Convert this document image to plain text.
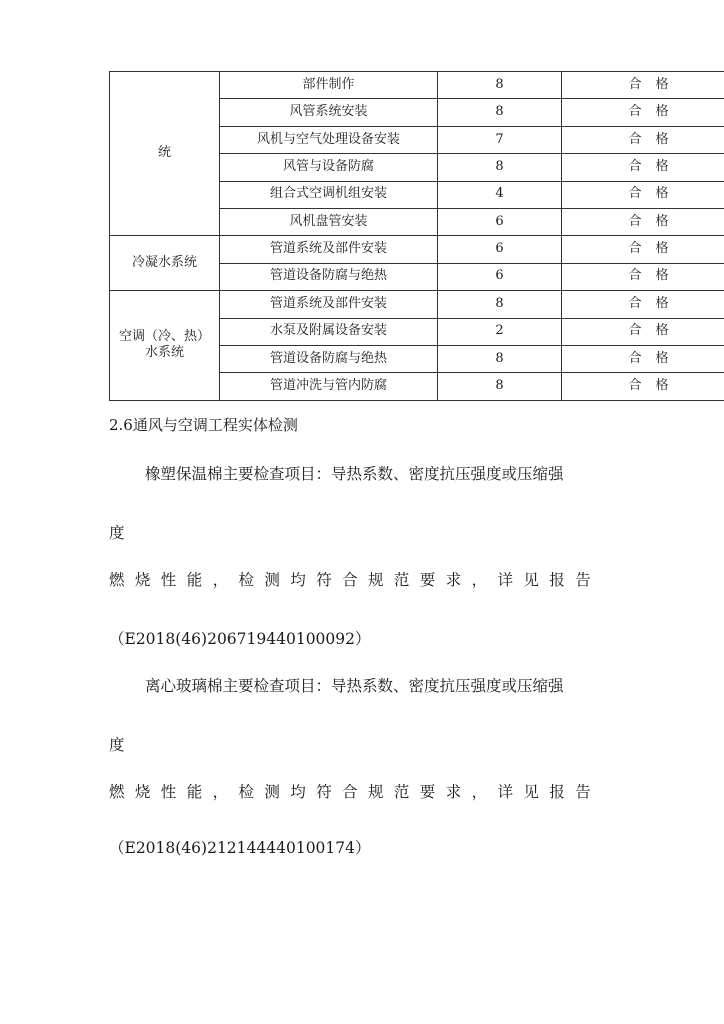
统	部件制作	8	合格
	风管系统安装	8	合格
	风机与空气处理设备安装	7	合格
	风管与设备防腐	8	合格
	组合式空调机组安装	4	合格
	风机盘管安装	6	合格
冷凝水系统	管道系统及部件安装	6	合格
	管道设备防腐与绝热	6	合格
空调（冷、热）水系统	管道系统及部件安装	8	合格
	水泵及附属设备安装	2	合格
	管道设备防腐与绝热	8	合格
	管道冲洗与管内防腐	8	合格
2.6通风与空调工程实体检测

橡塑保温棉主要检查项目：导热系数、密度抗压强度或压缩强

度

燃烧性能，检测均符合规范要求，详见报告

（E2018(46)206719440100092）

离心玻璃棉主要检查项目：导热系数、密度抗压强度或压缩强

度

燃烧性能，检测均符合规范要求，详见报告

（E2018(46)212144440100174）
